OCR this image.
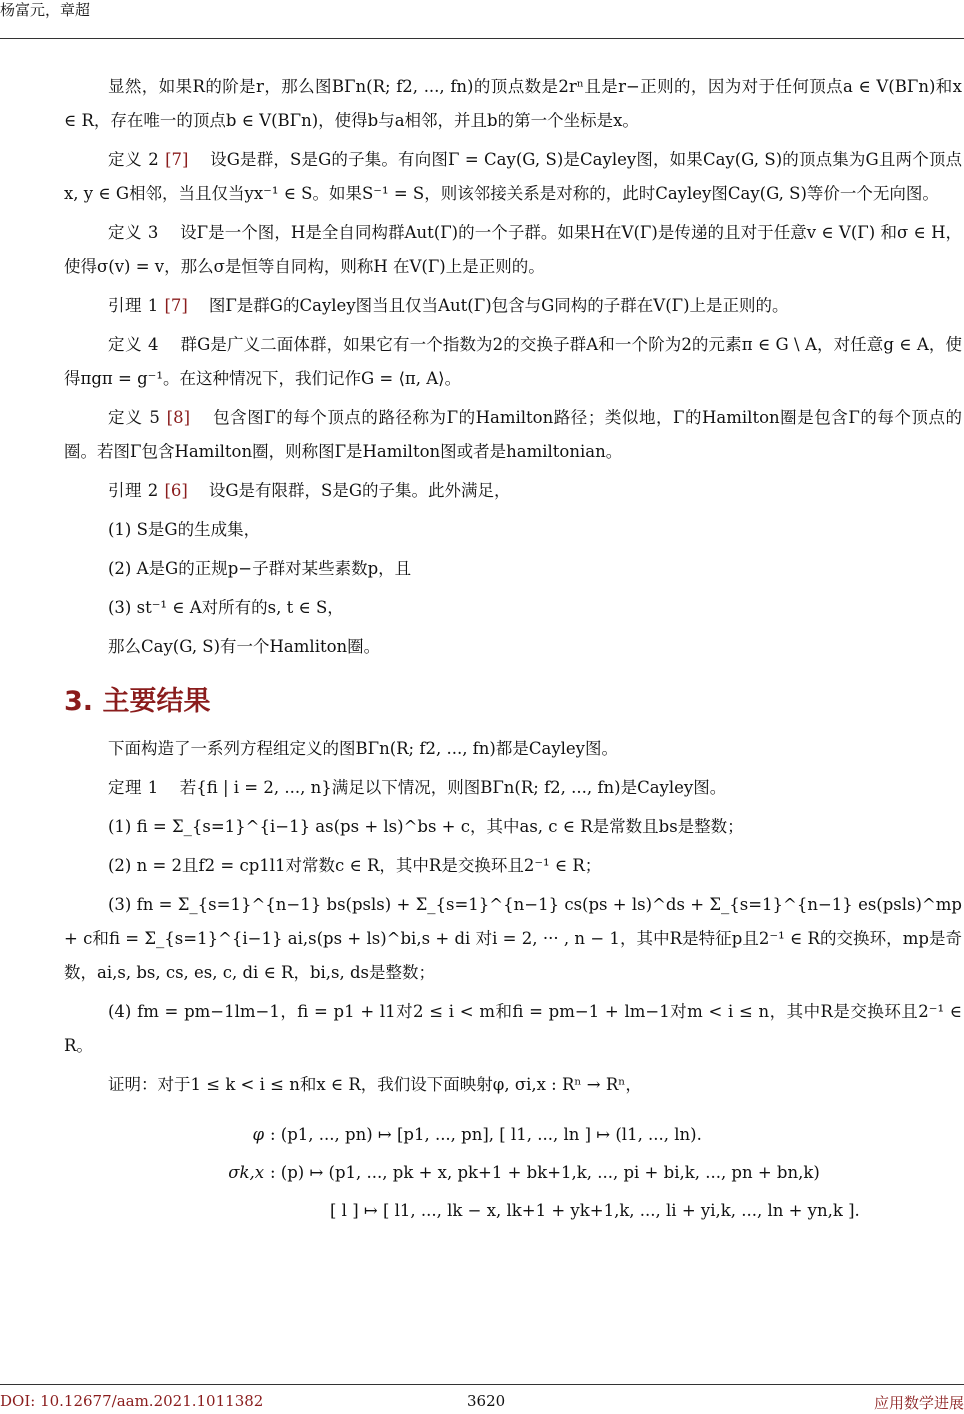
杨富元，章超

显然，如果R的阶是r，那么图BΓn(R; f2, ..., fn)的顶点数是2rⁿ且是r−正则的，因为对于任何顶点a ∈ V(BΓn)和x ∈ R，存在唯一的顶点b ∈ V(BΓn)，使得b与a相邻，并且b的第一个坐标是x。

定义 2 [7] 设G是群，S是G的子集。有向图Γ = Cay(G, S)是Cayley图，如果Cay(G, S)的顶点集为G且两个顶点x, y ∈ G相邻，当且仅当yx⁻¹ ∈ S。如果S⁻¹ = S，则该邻接关系是对称的，此时Cayley图Cay(G, S)等价一个无向图。

定义 3 设Γ是一个图，H是全自同构群Aut(Γ)的一个子群。如果H在V(Γ)是传递的且对于任意v ∈ V(Γ) 和σ ∈ H，使得σ(v) = v，那么σ是恒等自同构，则称H 在V(Γ)上是正则的。

引理 1 [7] 图Γ是群G的Cayley图当且仅当Aut(Γ)包含与G同构的子群在V(Γ)上是正则的。

定义 4 群G是广义二面体群，如果它有一个指数为2的交换子群A和一个阶为2的元素π ∈ G \ A，对任意g ∈ A，使得πgπ = g⁻¹。在这种情况下，我们记作G = ⟨π, A⟩。

定义 5 [8] 包含图Γ的每个顶点的路径称为Γ的Hamilton路径；类似地，Γ的Hamilton圈是包含Γ的每个顶点的圈。若图Γ包含Hamilton圈，则称图Γ是Hamilton图或者是hamiltonian。

引理 2 [6] 设G是有限群，S是G的子集。此外满足，

(1) S是G的生成集，

(2) A是G的正规p−子群对某些素数p，且

(3) st⁻¹ ∈ A对所有的s, t ∈ S，

那么Cay(G, S)有一个Hamliton圈。

3. 主要结果

下面构造了一系列方程组定义的图BΓn(R; f2, ..., fn)都是Cayley图。

定理 1 若{fi | i = 2, ..., n}满足以下情况，则图BΓn(R; f2, ..., fn)是Cayley图。

(1) fi = Σ_{s=1}^{i−1} as(ps + ls)^bs + c，其中as, c ∈ R是常数且bs是整数；

(2) n = 2且f2 = cp1l1对常数c ∈ R，其中R是交换环且2⁻¹ ∈ R；

(3) fn = Σ_{s=1}^{n−1} bs(psls) + Σ_{s=1}^{n−1} cs(ps + ls)^ds + Σ_{s=1}^{n−1} es(psls)^mp + c和fi = Σ_{s=1}^{i−1} ai,s(ps + ls)^bi,s + di 对i = 2, ··· , n − 1，其中R是特征p且2⁻¹ ∈ R的交换环，mp是奇数，ai,s, bs, cs, es, c, di ∈ R，bi,s, ds是整数；

(4) fm = pm−1lm−1，fi = p1 + l1对2 ≤ i < m和fi = pm−1 + lm−1对m < i ≤ n，其中R是交换环且2⁻¹ ∈ R。

证明：对于1 ≤ k < i ≤ n和x ∈ R，我们设下面映射φ, σi,x : Rⁿ → Rⁿ，

φ : (p1, ..., pn) ↦ [p1, ..., pn], [ l1, ..., ln ] ↦ (l1, ..., ln).
σk,x : (p) ↦ (p1, ..., pk + x, pk+1 + bk+1,k, ..., pi + bi,k, ..., pn + bn,k)
[ l ] ↦ [ l1, ..., lk − x, lk+1 + yk+1,k, ..., li + yi,k, ..., ln + yn,k ].
DOI: 10.12677/aam.2021.1011382	3620	应用数学进展
